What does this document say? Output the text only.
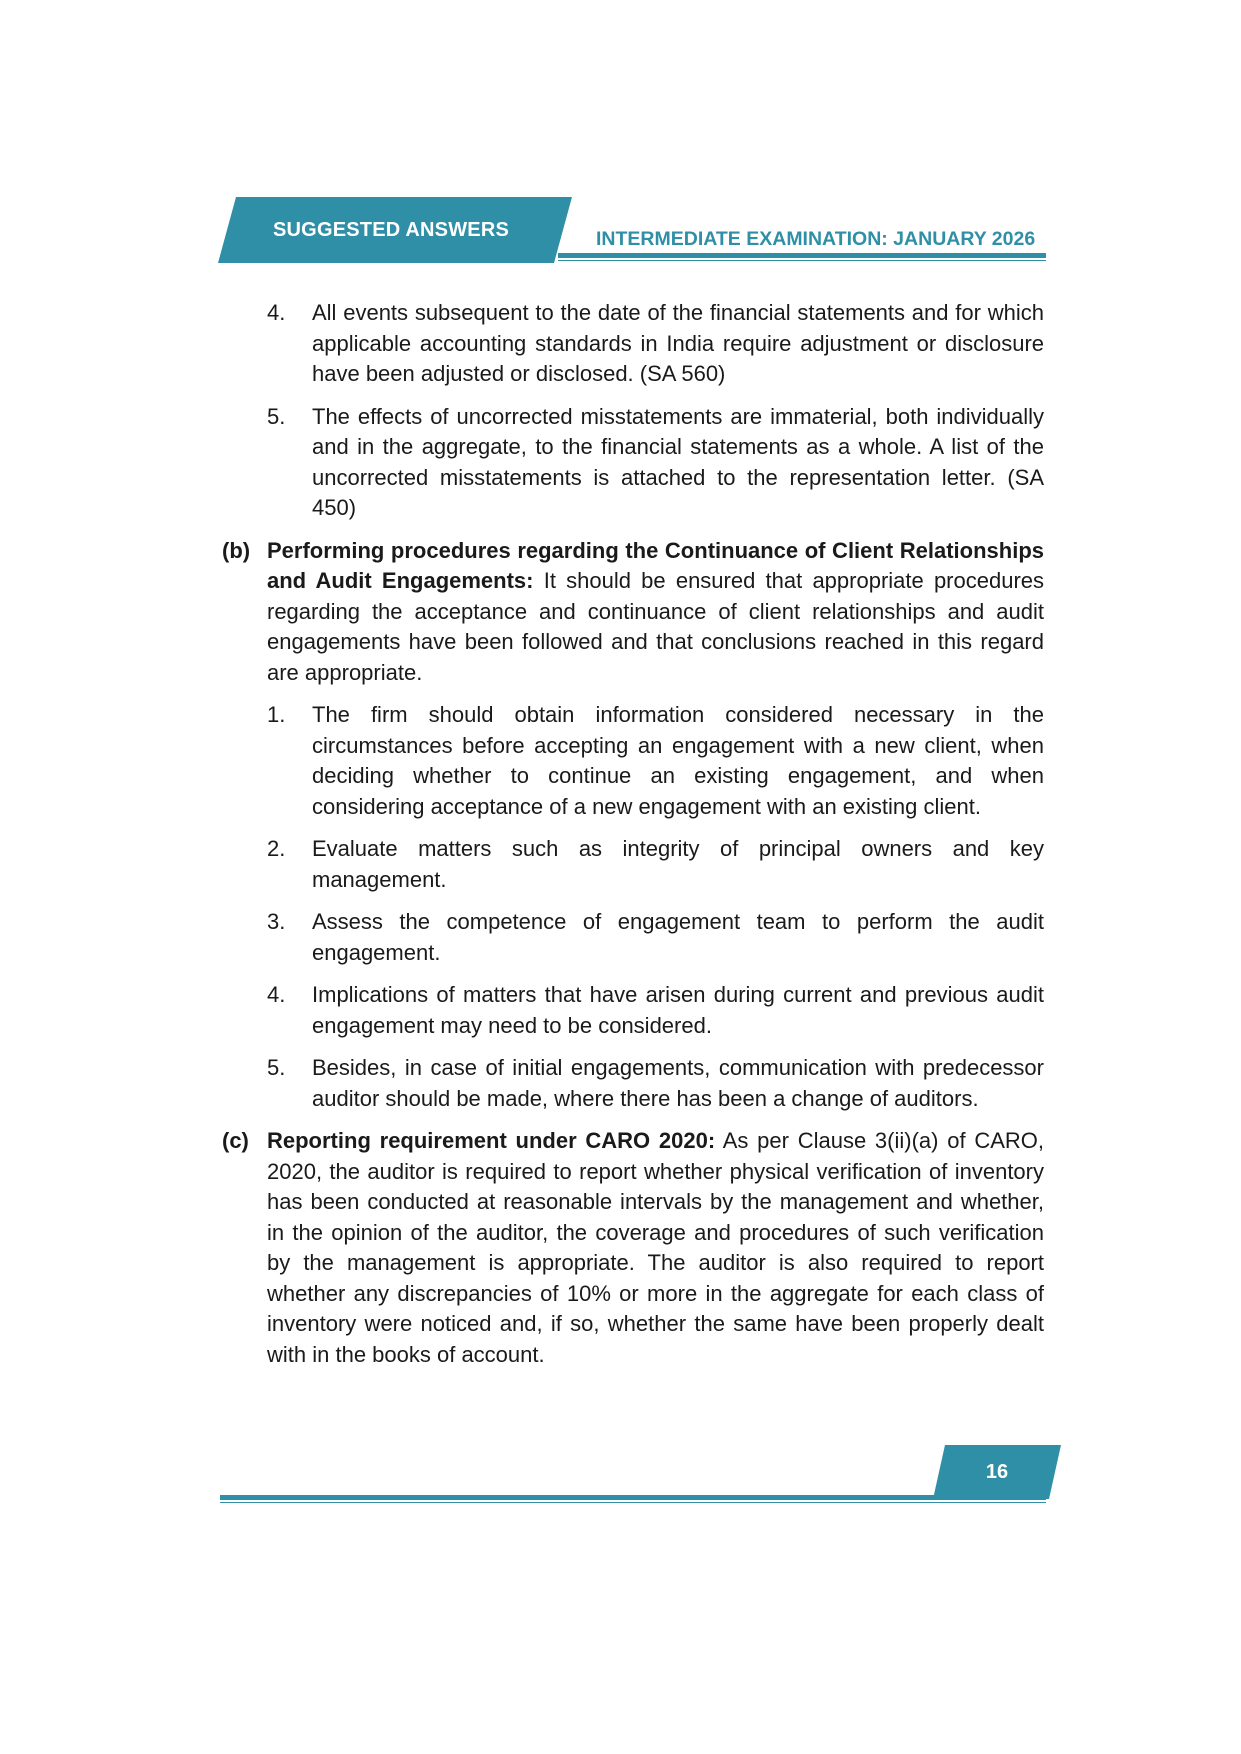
SUGGESTED ANSWERS	INTERMEDIATE EXAMINATION: JANUARY 2026
4.	All events subsequent to the date of the financial statements and for which applicable accounting standards in India require adjustment or disclosure have been adjusted or disclosed. (SA 560)
5.	The effects of uncorrected misstatements are immaterial, both individually and in the aggregate, to the financial statements as a whole. A list of the uncorrected misstatements is attached to the representation letter. (SA 450)
(b) Performing procedures regarding the Continuance of Client Relationships and Audit Engagements: It should be ensured that appropriate procedures regarding the acceptance and continuance of client relationships and audit engagements have been followed and that conclusions reached in this regard are appropriate.
1.	The firm should obtain information considered necessary in the circumstances before accepting an engagement with a new client, when deciding whether to continue an existing engagement, and when considering acceptance of a new engagement with an existing client.
2.	Evaluate matters such as integrity of principal owners and key management.
3.	Assess the competence of engagement team to perform the audit engagement.
4.	Implications of matters that have arisen during current and previous audit engagement may need to be considered.
5.	Besides, in case of initial engagements, communication with predecessor auditor should be made, where there has been a change of auditors.
(c) Reporting requirement under CARO 2020: As per Clause 3(ii)(a) of CARO, 2020, the auditor is required to report whether physical verification of inventory has been conducted at reasonable intervals by the management and whether, in the opinion of the auditor, the coverage and procedures of such verification by the management is appropriate. The auditor is also required to report whether any discrepancies of 10% or more in the aggregate for each class of inventory were noticed and, if so, whether the same have been properly dealt with in the books of account.
16
